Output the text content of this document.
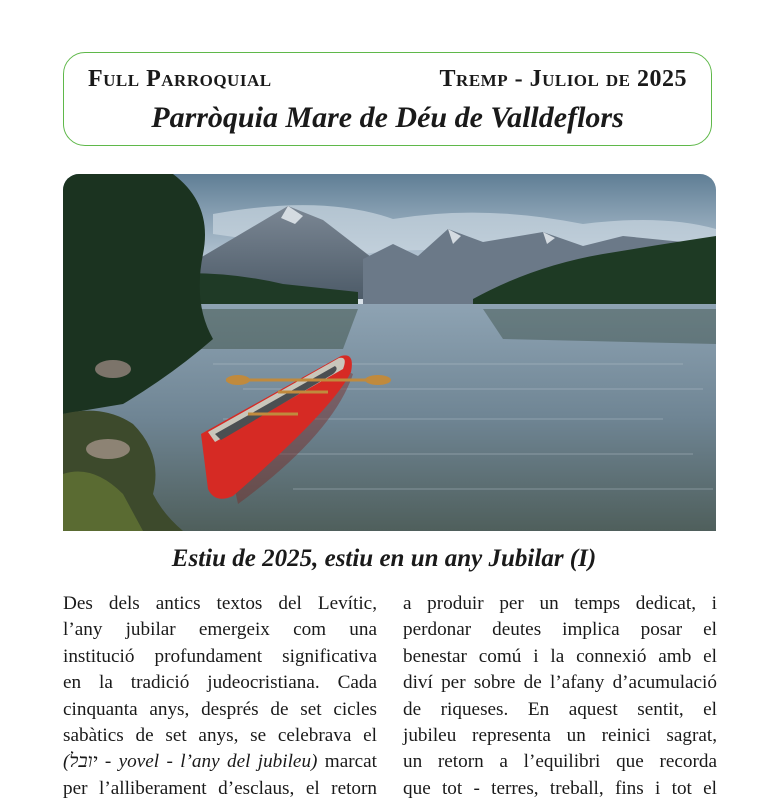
Full Parroquial	Tremp - Juliol de 2025
Parròquia Mare de Déu de Valldeflors
Estiu de 2025, estiu en un any Jubilar (I)
Des dels antics textos del Levític,
l’any jubilar emergeix com una
institució profundament significativa
en la tradició judeocristiana. Cada
cinquanta anys, després de set cicles
sabàtics de set anys, se celebrava el
(יובל - yovel - l’any del jubileu) marcat
per l’alliberament d’esclaus, el retorn
a produir per un temps dedicat, i
perdonar deutes implica posar el
benestar comú i la connexió amb el
diví per sobre de l’afany d’acumulació
de riqueses. En aquest sentit, el
jubileu representa un reinici sagrat,
un retorn a l’equilibri que recorda
que tot - terres, treball, fins i tot el
